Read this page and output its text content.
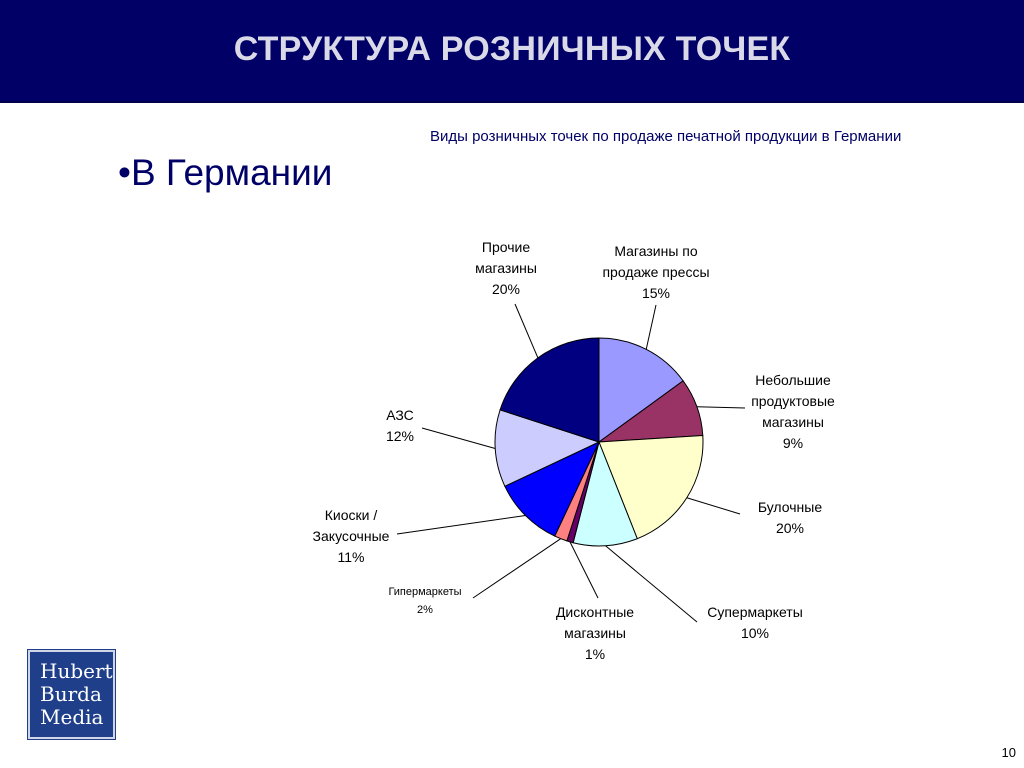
СТРУКТУРА РОЗНИЧНЫХ ТОЧЕК
Виды розничных точек по продаже печатной продукции в Германии
•В Германии
Магазины по
продаже прессы
15%
Небольшие
продуктовые
магазины
9%
Булочные
20%
Супермаркеты
10%
Дисконтные
магазины
1%
Гипермаркеты
2%
Киоски /
Закусочные
11%
АЗС
12%
Прочие
магазины
20%
Hubert
Burda
Media
10
